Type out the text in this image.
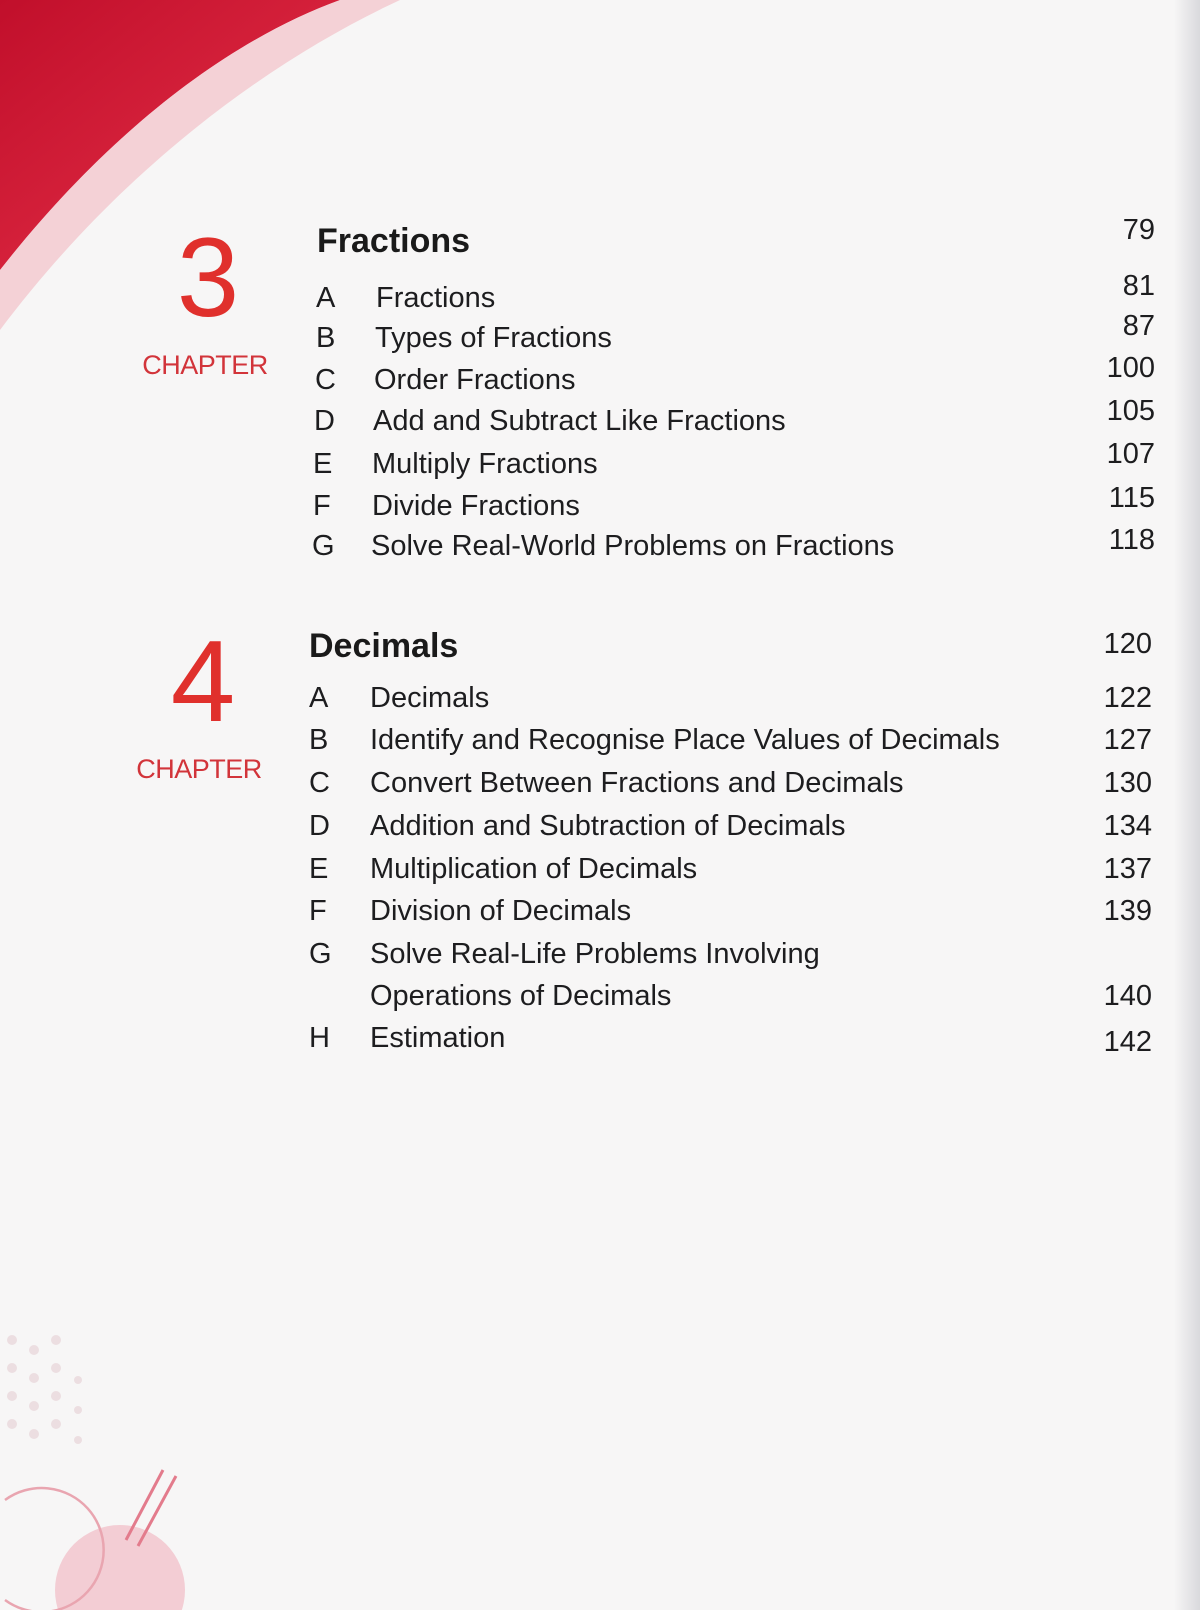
3
CHAPTER
Fractions	79
A Fractions	81
B Types of Fractions	87
C Order Fractions	100
D Add and Subtract Like Fractions	105
E Multiply Fractions	107
F Divide Fractions	115
G Solve Real-World Problems on Fractions	118
4
CHAPTER
Decimals	120
A Decimals	122
B Identify and Recognise Place Values of Decimals	127
C Convert Between Fractions and Decimals	130
D Addition and Subtraction of Decimals	134
E Multiplication of Decimals	137
F Division of Decimals	139
G Solve Real-Life Problems Involving
Operations of Decimals	140
H Estimation	142
